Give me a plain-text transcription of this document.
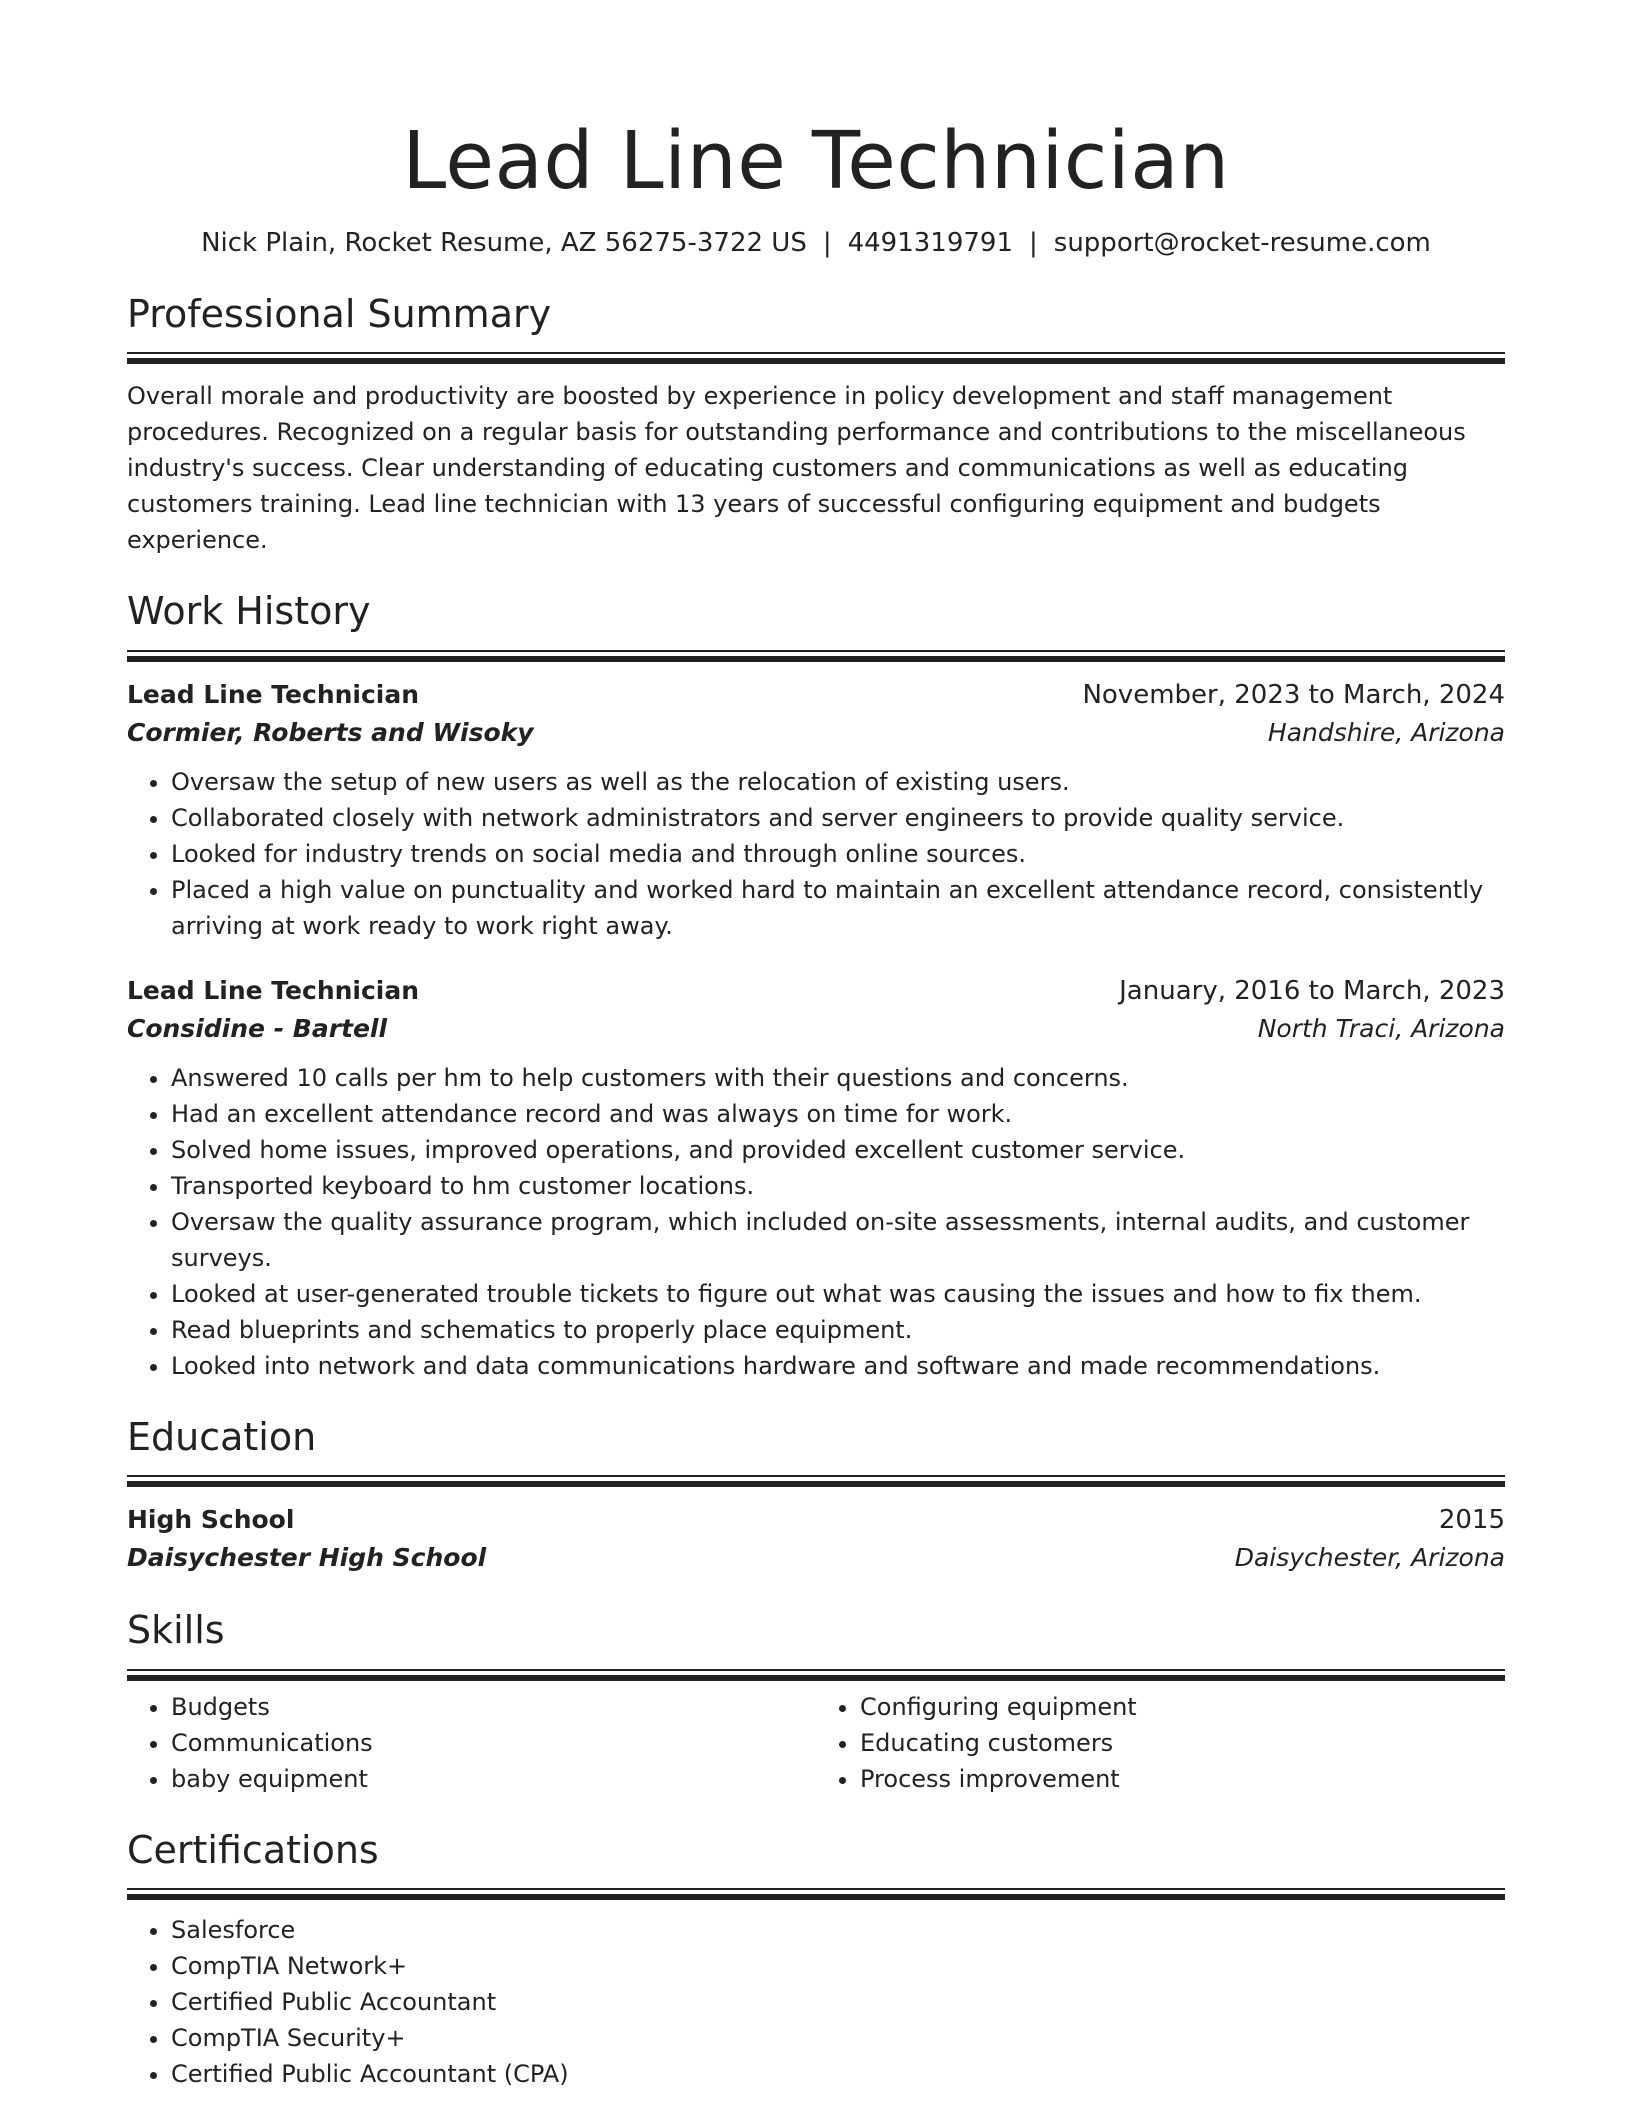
Lead Line Technician
Nick Plain, Rocket Resume, AZ 56275-3722 US | 4491319791 | support@rocket-resume.com
Professional Summary
Overall morale and productivity are boosted by experience in policy development and staff management procedures. Recognized on a regular basis for outstanding performance and contributions to the miscellaneous industry's success. Clear understanding of educating customers and communications as well as educating customers training. Lead line technician with 13 years of successful configuring equipment and budgets experience.
Work History
Lead Line Technician	November, 2023 to March, 2024
Cormier, Roberts and Wisoky	Handshire, Arizona
• Oversaw the setup of new users as well as the relocation of existing users.
• Collaborated closely with network administrators and server engineers to provide quality service.
• Looked for industry trends on social media and through online sources.
• Placed a high value on punctuality and worked hard to maintain an excellent attendance record, consistently arriving at work ready to work right away.
Lead Line Technician	January, 2016 to March, 2023
Considine - Bartell	North Traci, Arizona
• Answered 10 calls per hm to help customers with their questions and concerns.
• Had an excellent attendance record and was always on time for work.
• Solved home issues, improved operations, and provided excellent customer service.
• Transported keyboard to hm customer locations.
• Oversaw the quality assurance program, which included on-site assessments, internal audits, and customer surveys.
• Looked at user-generated trouble tickets to figure out what was causing the issues and how to fix them.
• Read blueprints and schematics to properly place equipment.
• Looked into network and data communications hardware and software and made recommendations.
Education
High School	2015
Daisychester High School	Daisychester, Arizona
Skills
• Budgets
• Communications
• baby equipment
• Configuring equipment
• Educating customers
• Process improvement
Certifications
• Salesforce
• CompTIA Network+
• Certified Public Accountant
• CompTIA Security+
• Certified Public Accountant (CPA)
